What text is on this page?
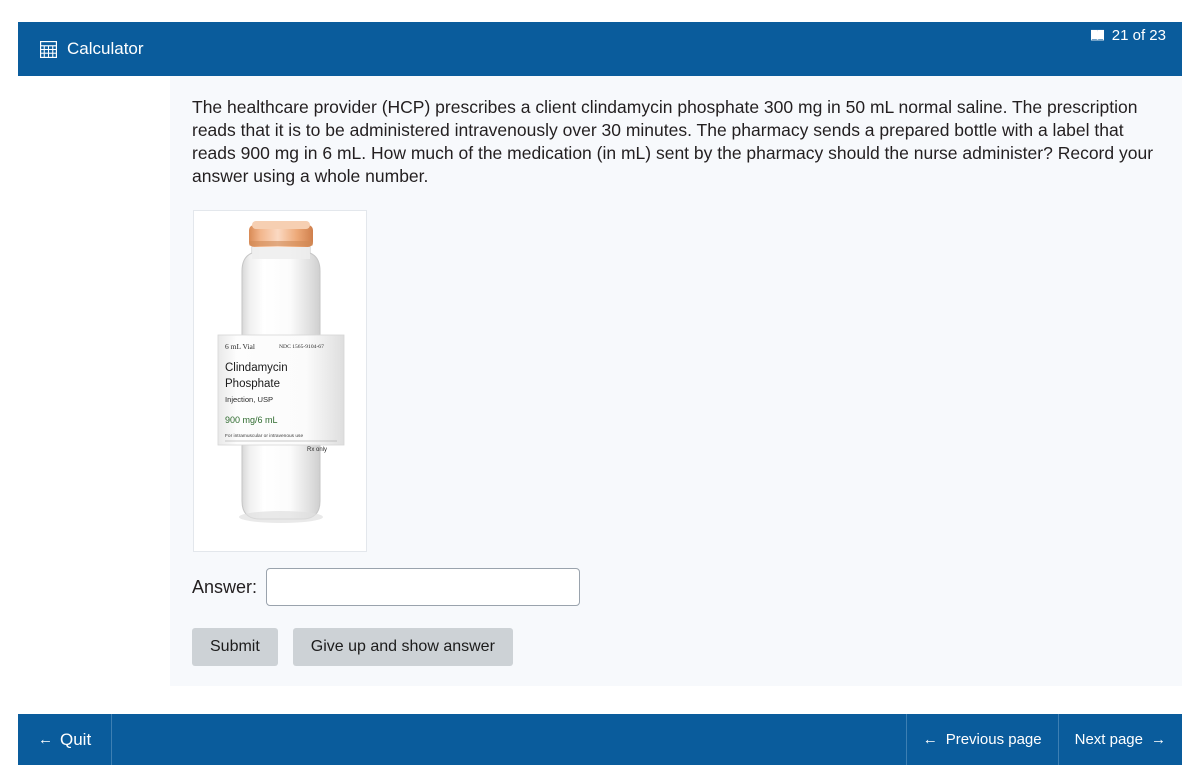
Calculator
21 of 23
The healthcare provider (HCP) prescribes a client clindamycin phosphate 300 mg in 50 mL normal saline. The prescription reads that it is to be administered intravenously over 30 minutes. The pharmacy sends a prepared bottle with a label that reads 900 mg in 6 mL. How much of the medication (in mL) sent by the pharmacy should the nurse administer? Record your answer using a whole number.
6 mL Vial	NDC 1565-9104-67
Clindamycin
Phosphate
Injection, USP
900 mg/6 mL
For intramuscular or intravenous use
Rx only
Answer:
Submit	Give up and show answer
← Quit	← Previous page Next page →
